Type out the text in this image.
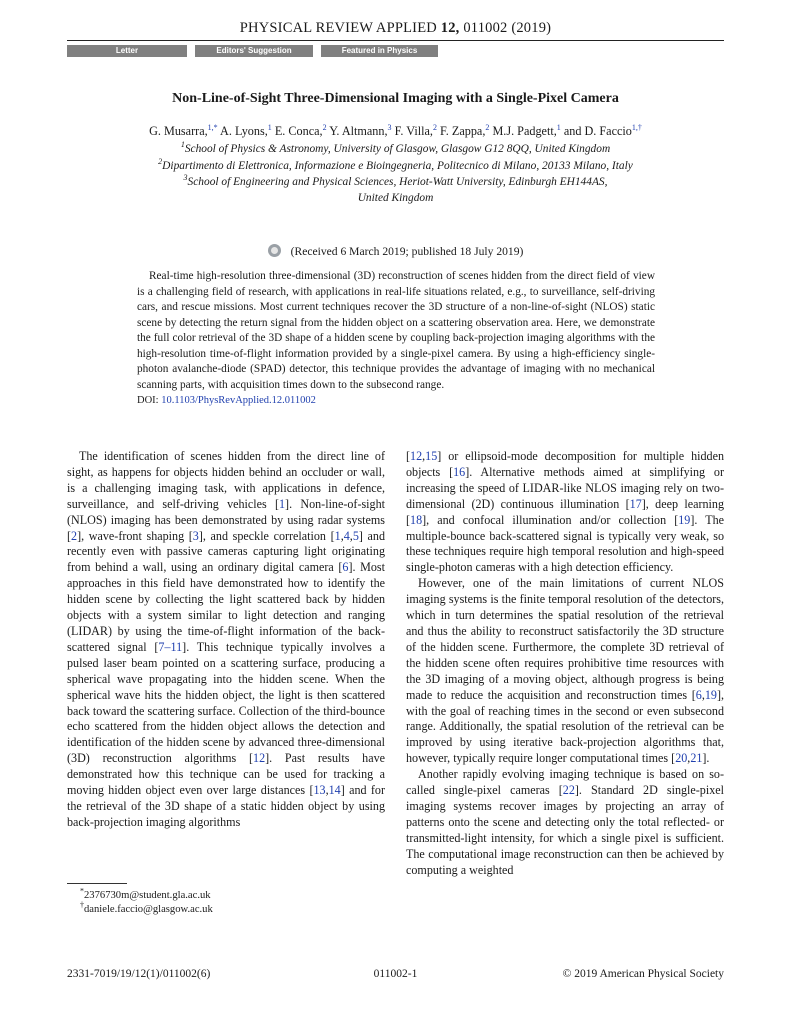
PHYSICAL REVIEW APPLIED 12, 011002 (2019)
Letter	Editors' Suggestion	Featured in Physics
Non-Line-of-Sight Three-Dimensional Imaging with a Single-Pixel Camera
G. Musarra,$^{1,*}$ A. Lyons,$^1$ E. Conca,$^2$ Y. Altmann,$^3$ F. Villa,$^2$ F. Zappa,$^2$ M.J. Padgett,$^1$ and D. Faccio$^{1,\dagger}$
$^1$School of Physics & Astronomy, University of Glasgow, Glasgow G12 8QQ, United Kingdom
$^2$Dipartimento di Elettronica, Informazione e Bioingegneria, Politecnico di Milano, 20133 Milano, Italy
$^3$School of Engineering and Physical Sciences, Heriot-Watt University, Edinburgh EH144AS,
United Kingdom
(Received 6 March 2019; published 18 July 2019)

Real-time high-resolution three-dimensional (3D) reconstruction of scenes hidden from the direct field of view is a challenging field of research, with applications in real-life situations related, e.g., to surveillance, self-driving cars, and rescue missions. Most current techniques recover the 3D structure of a non-line-of-sight (NLOS) static scene by detecting the return signal from the hidden object on a scattering observation area. Here, we demonstrate the full color retrieval of the 3D shape of a hidden scene by coupling back-projection imaging algorithms with the high-resolution time-of-flight information provided by a single-pixel camera. By using a high-efficiency single-photon avalanche-diode (SPAD) detector, this technique provides the advantage of imaging with no mechanical scanning parts, with acquisition times down to the subsecond range.

DOI: 10.1103/PhysRevApplied.12.011002

The identification of scenes hidden from the direct line of sight, as happens for objects hidden behind an occluder or wall, is a challenging imaging task, with applications in defence, surveillance, and self-driving vehicles [1]. Non-line-of-sight (NLOS) imaging has been demonstrated by using radar systems [2], wave-front shaping [3], and speckle correlation [1,4,5] and recently even with passive cameras capturing light originating from behind a wall, using an ordinary digital camera [6]. Most approaches in this field have demonstrated how to identify the hidden scene by collecting the light scattered back by hidden objects with a system similar to light detection and ranging (LIDAR) by using the time-of-flight information of the back-scattered signal [7–11]. This technique typically involves a pulsed laser beam pointed on a scattering surface, producing a spherical wave propagating into the hidden scene. When the spherical wave hits the hidden object, the light is then scattered back toward the scattering surface. Collection of the third-bounce echo scattered from the hidden object allows the detection and identification of the hidden scene by advanced three-dimensional (3D) reconstruction algorithms [12]. Past results have demonstrated how this technique can be used for tracking a moving hidden object even over large distances [13,14] and for the retrieval of the 3D shape of a static hidden object by using back-projection imaging algorithms

[12,15] or ellipsoid-mode decomposition for multiple hidden objects [16]. Alternative methods aimed at simplifying or increasing the speed of LIDAR-like NLOS imaging rely on two-dimensional (2D) continuous illumination [17], deep learning [18], and confocal illumination and/or collection [19]. The multiple-bounce back-scattered signal is typically very weak, so these techniques require high temporal resolution and high-speed single-photon cameras with a high detection efficiency.

However, one of the main limitations of current NLOS imaging systems is the finite temporal resolution of the detectors, which in turn determines the spatial resolution of the retrieval and thus the ability to reconstruct satisfactorily the 3D structure of the hidden scene. Furthermore, the complete 3D retrieval of the hidden scene often requires prohibitive time resources with the 3D imaging of a moving object, although progress is being made to reduce the acquisition and reconstruction times [6,19], with the goal of reaching times in the second or even subsecond range. Additionally, the spatial resolution of the retrieval can be improved by using iterative back-projection algorithms that, however, typically require longer computational times [20,21].

Another rapidly evolving imaging technique is based on so-called single-pixel cameras [22]. Standard 2D single-pixel imaging systems recover images by projecting an array of patterns onto the scene and detecting only the total reflected- or transmitted-light intensity, for which a single pixel is sufficient. The computational image reconstruction can then be achieved by computing a weighted

*2376730m@student.gla.ac.uk
†daniele.faccio@glasgow.ac.uk
2331-7019/19/12(1)/011002(6)	011002-1	© 2019 American Physical Society
